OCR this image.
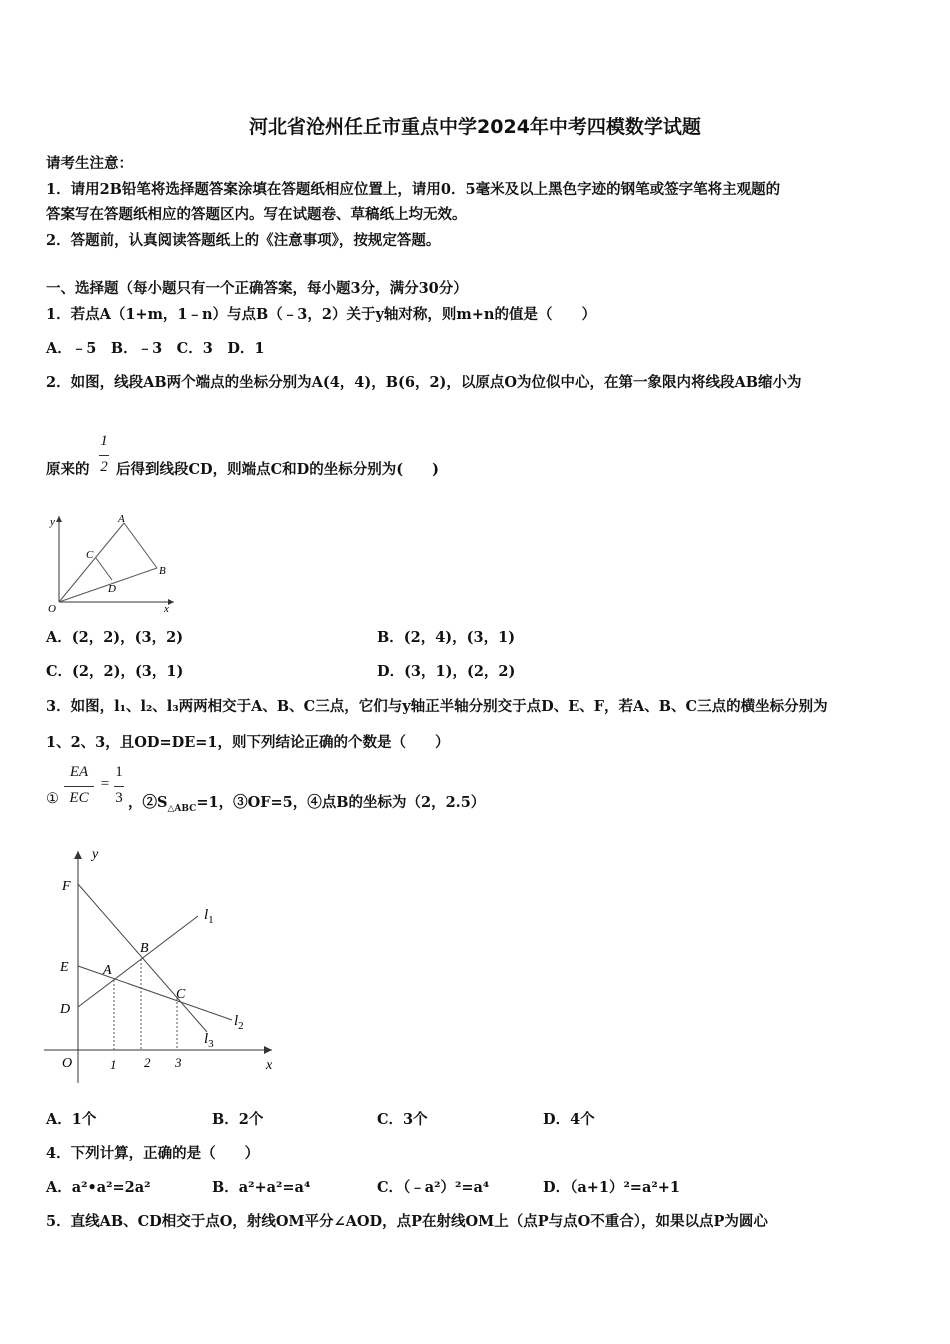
河北省沧州任丘市重点中学2024年中考四模数学试题
请考生注意：
1．请用2B铅笔将选择题答案涂填在答题纸相应位置上，请用0．5毫米及以上黑色字迹的钢笔或签字笔将主观题的
答案写在答题纸相应的答题区内。写在试题卷、草稿纸上均无效。
2．答题前，认真阅读答题纸上的《注意事项》，按规定答题。
一、选择题（每小题只有一个正确答案，每小题3分，满分30分）
1．若点A（1+m，1﹣n）与点B（﹣3，2）关于y轴对称，则m+n的值是（　　）
A．﹣5　B．﹣3　C．3　D．1
2．如图，线段AB两个端点的坐标分别为A(4，4)，B(6，2)，以原点O为位似中心，在第一象限内将线段AB缩小为
原来的
1
2 后得到线段CD，则端点C和D的坐标分别为(　　)
y
x
O
A
B
C
D
A．(2，2)，(3，2)	B．(2，4)，(3，1)
C．(2，2)，(3，1)	D．(3，1)，(2，2)
3．如图，l₁、l₂、l₃两两相交于A、B、C三点，它们与y轴正半轴分别交于点D、E、F，若A、B、C三点的横坐标分别为
1、2、3，且OD=DE=1，则下列结论正确的个数是（　　）
①
EA
EC
=
1
3 ，$②S_{\triangle ABC}=1$，③OF=5，④点B的坐标为（2，2.5）
y
x
O
F
E
D
A
B
C
$l_1$
$l_2$
$l_3$
1 2 3
A．1个	B．2个	C．3个	D．4个
4．下列计算，正确的是（　　）
A．a²•a²=2a²	B．a²+a²=a⁴	C．（﹣a²）²=a⁴	D．（a+1）²=a²+1
5．直线AB、CD相交于点O，射线OM平分∠AOD，点P在射线OM上（点P与点O不重合），如果以点P为圆心
